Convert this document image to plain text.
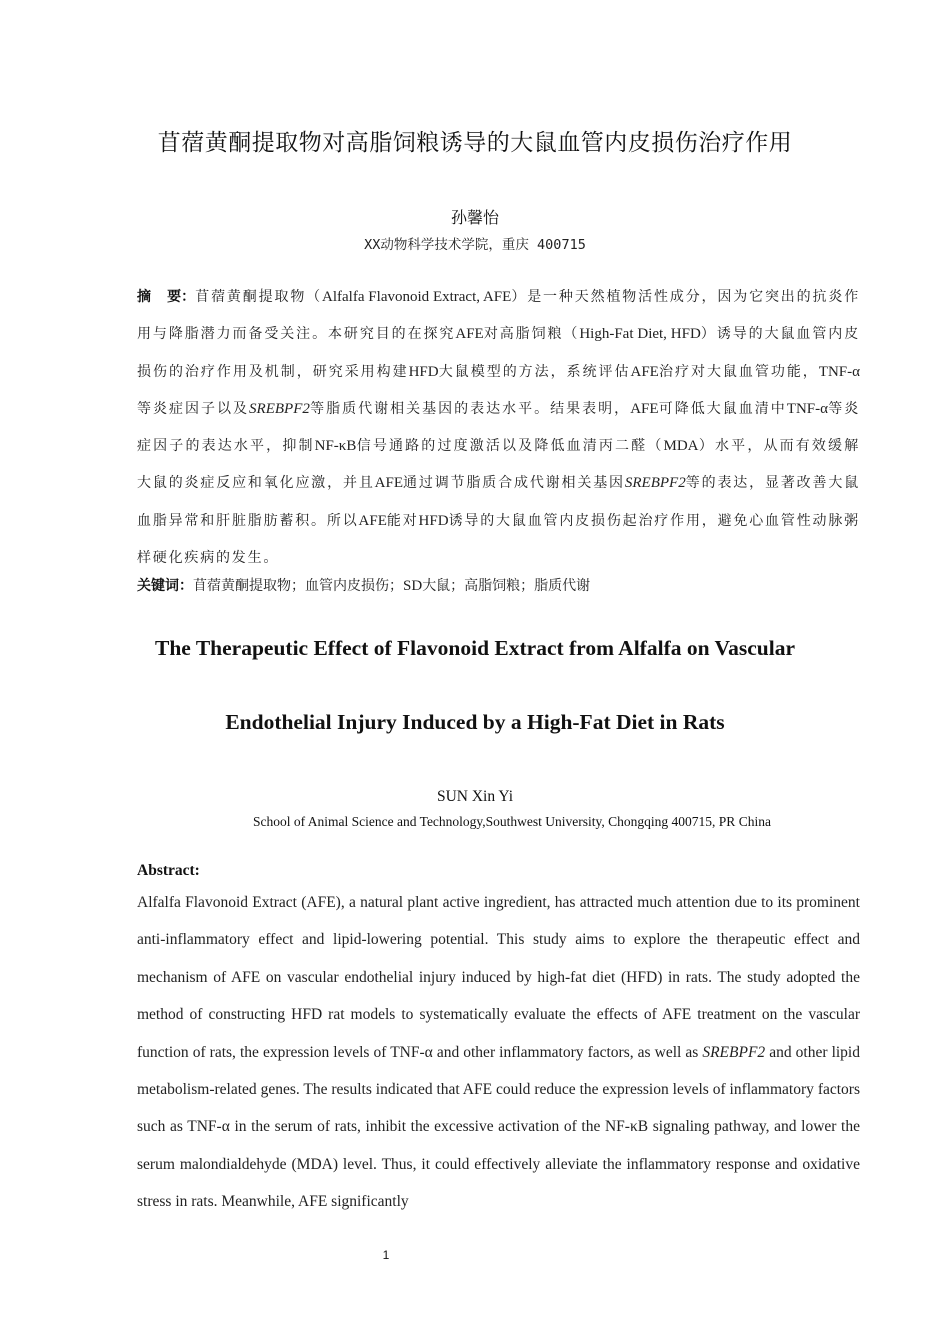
苜蓿黄酮提取物对高脂饲粮诱导的大鼠血管内皮损伤治疗作用
孙馨怡
XX动物科学技术学院，重庆 400715
摘 要：苜蓿黄酮提取物（Alfalfa Flavonoid Extract, AFE）是一种天然植物活性成分，因为它突出的抗炎作用与降脂潜力而备受关注。本研究目的在探究AFE对高脂饲粮（High-Fat Diet, HFD）诱导的大鼠血管内皮损伤的治疗作用及机制，研究采用构建HFD大鼠模型的方法，系统评估AFE治疗对大鼠血管功能，TNF-α等炎症因子以及SREBPF2等脂质代谢相关基因的表达水平。结果表明，AFE可降低大鼠血清中TNF-α等炎症因子的表达水平，抑制NF-κB信号通路的过度激活以及降低血清丙二醛（MDA）水平，从而有效缓解大鼠的炎症反应和氧化应激，并且AFE通过调节脂质合成代谢相关基因SREBPF2等的表达，显著改善大鼠血脂异常和肝脏脂肪蓄积。所以AFE能对HFD诱导的大鼠血管内皮损伤起治疗作用，避免心血管性动脉粥样硬化疾病的发生。
关键词：苜蓿黄酮提取物；血管内皮损伤；SD大鼠；高脂饲粮；脂质代谢
The Therapeutic Effect of Flavonoid Extract from Alfalfa on Vascular
Endothelial Injury Induced by a High-Fat Diet in Rats
SUN Xin Yi
School of Animal Science and Technology,Southwest University, Chongqing 400715, PR China
Abstract:
Alfalfa Flavonoid Extract (AFE), a natural plant active ingredient, has attracted much attention due to its prominent anti-inflammatory effect and lipid-lowering potential. This study aims to explore the therapeutic effect and mechanism of AFE on vascular endothelial injury induced by high-fat diet (HFD) in rats. The study adopted the method of constructing HFD rat models to systematically evaluate the effects of AFE treatment on the vascular function of rats, the expression levels of TNF-α and other inflammatory factors, as well as SREBPF2 and other lipid metabolism-related genes. The results indicated that AFE could reduce the expression levels of inflammatory factors such as TNF-α in the serum of rats, inhibit the excessive activation of the NF-κB signaling pathway, and lower the serum malondialdehyde (MDA) level. Thus, it could effectively alleviate the inflammatory response and oxidative stress in rats. Meanwhile, AFE significantly
1
